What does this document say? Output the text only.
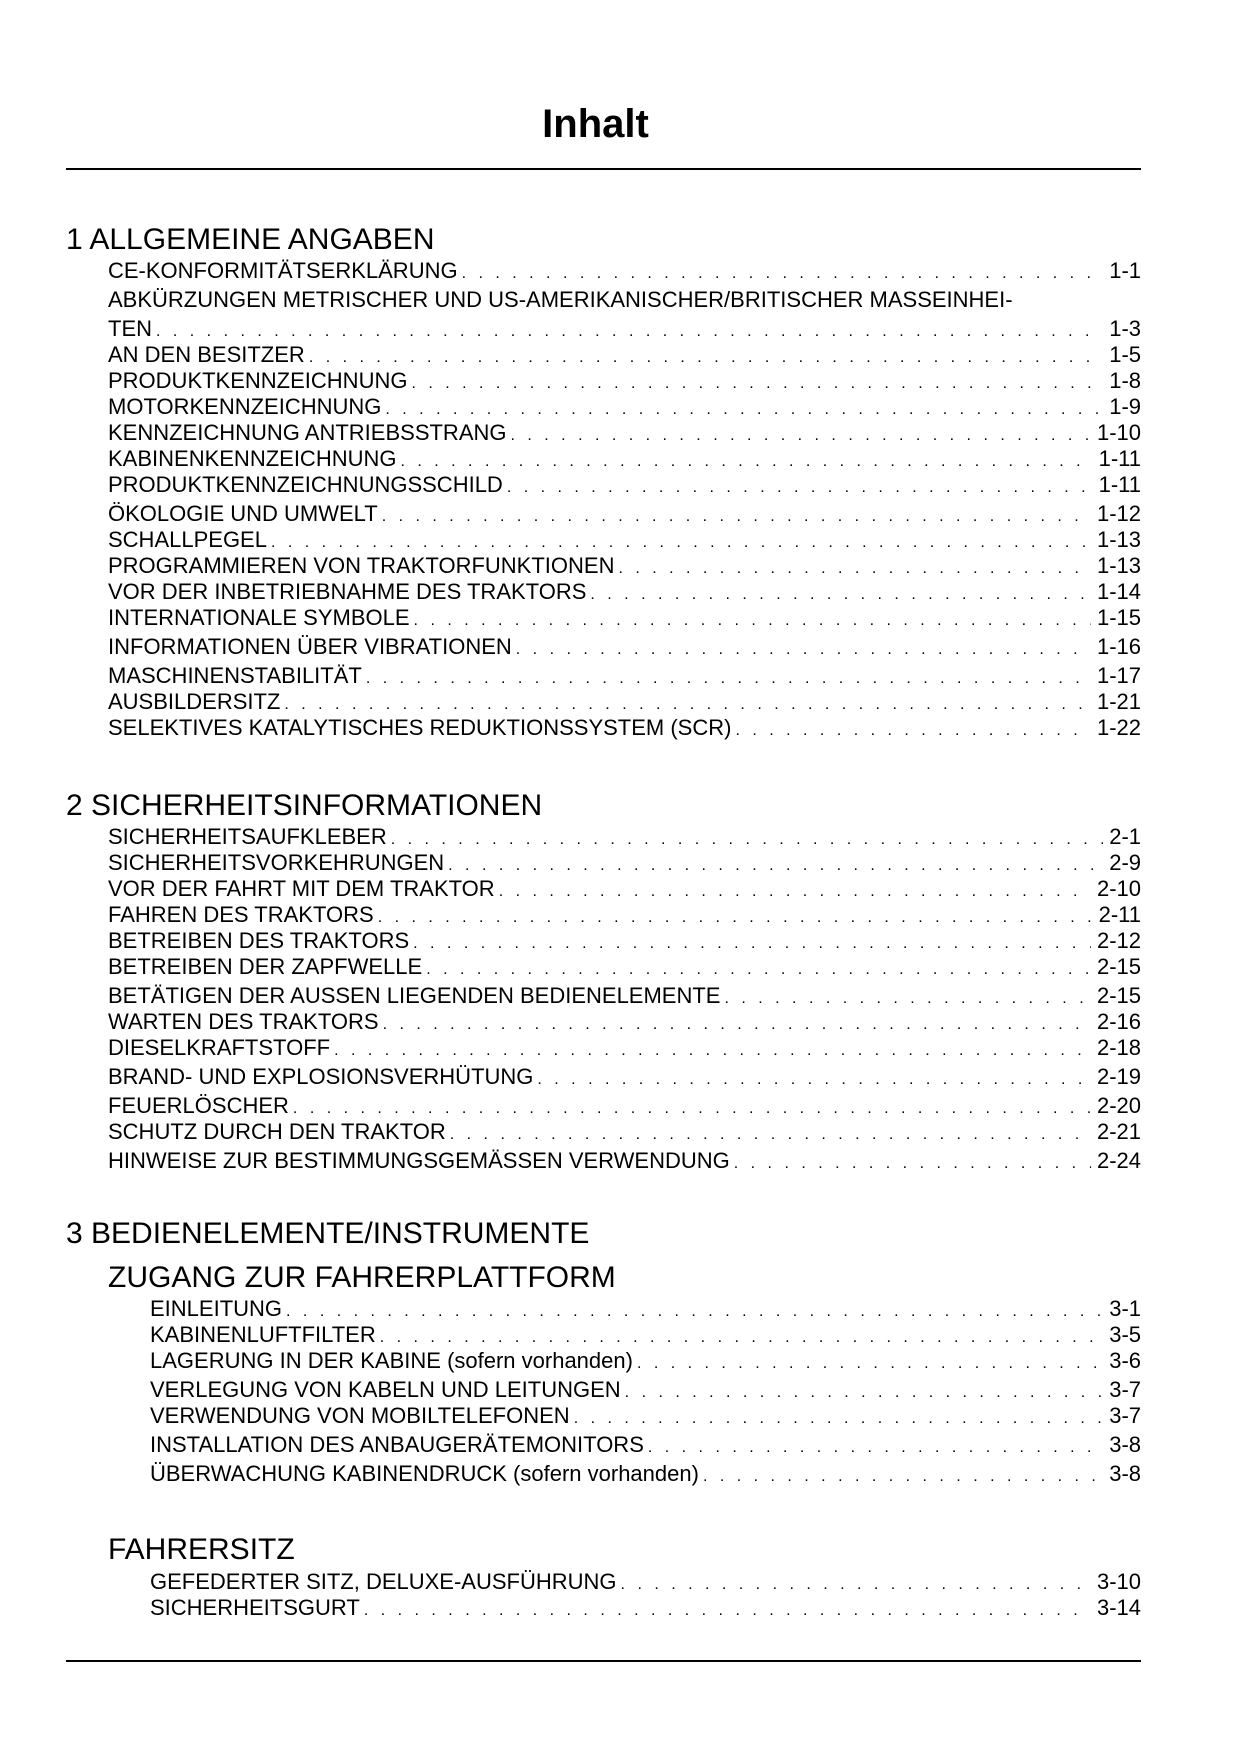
Inhalt
1 ALLGEMEINE ANGABEN
CE-KONFORMITÄTSERKLÄRUNG . . .	1-1
ABKÜRZUNGEN METRISCHER UND US-AMERIKANISCHER/BRITISCHER MASSEINHEI-
TEN . . .	1-3
AN DEN BESITZER . . .	1-5
PRODUKTKENNZEICHNUNG . . .	1-8
MOTORKENNZEICHNUNG . . .	1-9
KENNZEICHNUNG ANTRIEBSSTRANG . . .	1-10
KABINENKENNZEICHNUNG . . .	1-11
PRODUKTKENNZEICHNUNGSSCHILD . . .	1-11
ÖKOLOGIE UND UMWELT . . .	1-12
SCHALLPEGEL . . .	1-13
PROGRAMMIEREN VON TRAKTORFUNKTIONEN . . .	1-13
VOR DER INBETRIEBNAHME DES TRAKTORS . . .	1-14
INTERNATIONALE SYMBOLE . . .	1-15
INFORMATIONEN ÜBER VIBRATIONEN . . .	1-16
MASCHINENSTABILITÄT . . .	1-17
AUSBILDERSITZ . . .	1-21
SELEKTIVES KATALYTISCHES REDUKTIONSSYSTEM (SCR) . . .	1-22
2 SICHERHEITSINFORMATIONEN
SICHERHEITSAUFKLEBER . . .	2-1
SICHERHEITSVORKEHRUNGEN . . .	2-9
VOR DER FAHRT MIT DEM TRAKTOR . . .	2-10
FAHREN DES TRAKTORS . . .	2-11
BETREIBEN DES TRAKTORS . . .	2-12
BETREIBEN DER ZAPFWELLE . . .	2-15
BETÄTIGEN DER AUSSEN LIEGENDEN BEDIENELEMENTE . . .	2-15
WARTEN DES TRAKTORS . . .	2-16
DIESELKRAFTSTOFF . . .	2-18
BRAND- UND EXPLOSIONSVERHÜTUNG . . .	2-19
FEUERLÖSCHER . . .	2-20
SCHUTZ DURCH DEN TRAKTOR . . .	2-21
HINWEISE ZUR BESTIMMUNGSGEMÄSSEN VERWENDUNG . . .	2-24
3 BEDIENELEMENTE/INSTRUMENTE
ZUGANG ZUR FAHRERPLATTFORM
EINLEITUNG . . .	3-1
KABINENLUFTFILTER . . .	3-5
LAGERUNG IN DER KABINE (sofern vorhanden) . . .	3-6
VERLEGUNG VON KABELN UND LEITUNGEN . . .	3-7
VERWENDUNG VON MOBILTELEFONEN . . .	3-7
INSTALLATION DES ANBAUGERÄTEMONITORS . . .	3-8
ÜBERWACHUNG KABINENDRUCK (sofern vorhanden) . . .	3-8
FAHRERSITZ
GEFEDERTER SITZ, DELUXE-AUSFÜHRUNG . . .	3-10
SICHERHEITSGURT . . .	3-14
